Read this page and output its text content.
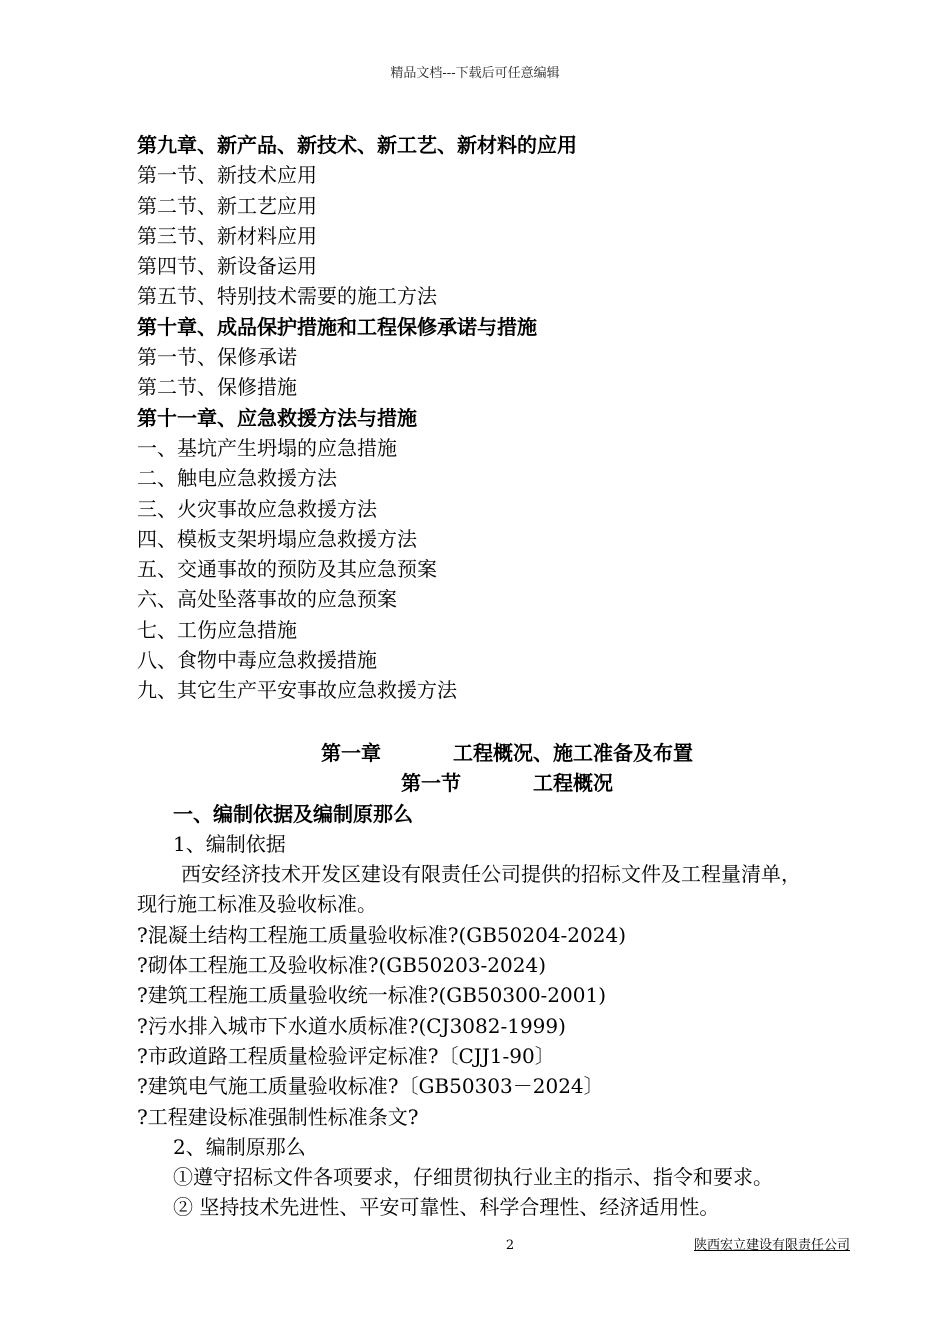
精品文档---下载后可任意编辑
第九章、新产品、新技术、新工艺、新材料的应用
第一节、新技术应用
第二节、新工艺应用
第三节、新材料应用
第四节、新设备运用
第五节、特别技术需要的施工方法
第十章、成品保护措施和工程保修承诺与措施
第一节、保修承诺
第二节、保修措施
第十一章、应急救援方法与措施
一、基坑产生坍塌的应急措施
二、触电应急救援方法
三、火灾事故应急救援方法
四、模板支架坍塌应急救援方法
五、交通事故的预防及其应急预案
六、高处坠落事故的应急预案
七、工伤应急措施
八、食物中毒应急救援措施
九、其它生产平安事故应急救援方法
第一章	工程概况、施工准备及布置
第一节	工程概况
一、编制依据及编制原那么
1、编制依据
西安经济技术开发区建设有限责任公司提供的招标文件及工程量清单，
现行施工标准及验收标准。
?混凝土结构工程施工质量验收标准?(GB50204-2024)
?砌体工程施工及验收标准?(GB50203-2024)
?建筑工程施工质量验收统一标准?(GB50300-2001)
?污水排入城市下水道水质标准?(CJ3082-1999)
?市政道路工程质量检验评定标准?〔CJJ1-90〕
?建筑电气施工质量验收标准?〔GB50303－2024〕
?工程建设标准强制性标准条文?
2、编制原那么
①遵守招标文件各项要求，仔细贯彻执行业主的指示、指令和要求。
② 坚持技术先进性、平安可靠性、科学合理性、经济适用性。
2	陕西宏立建设有限责任公司
